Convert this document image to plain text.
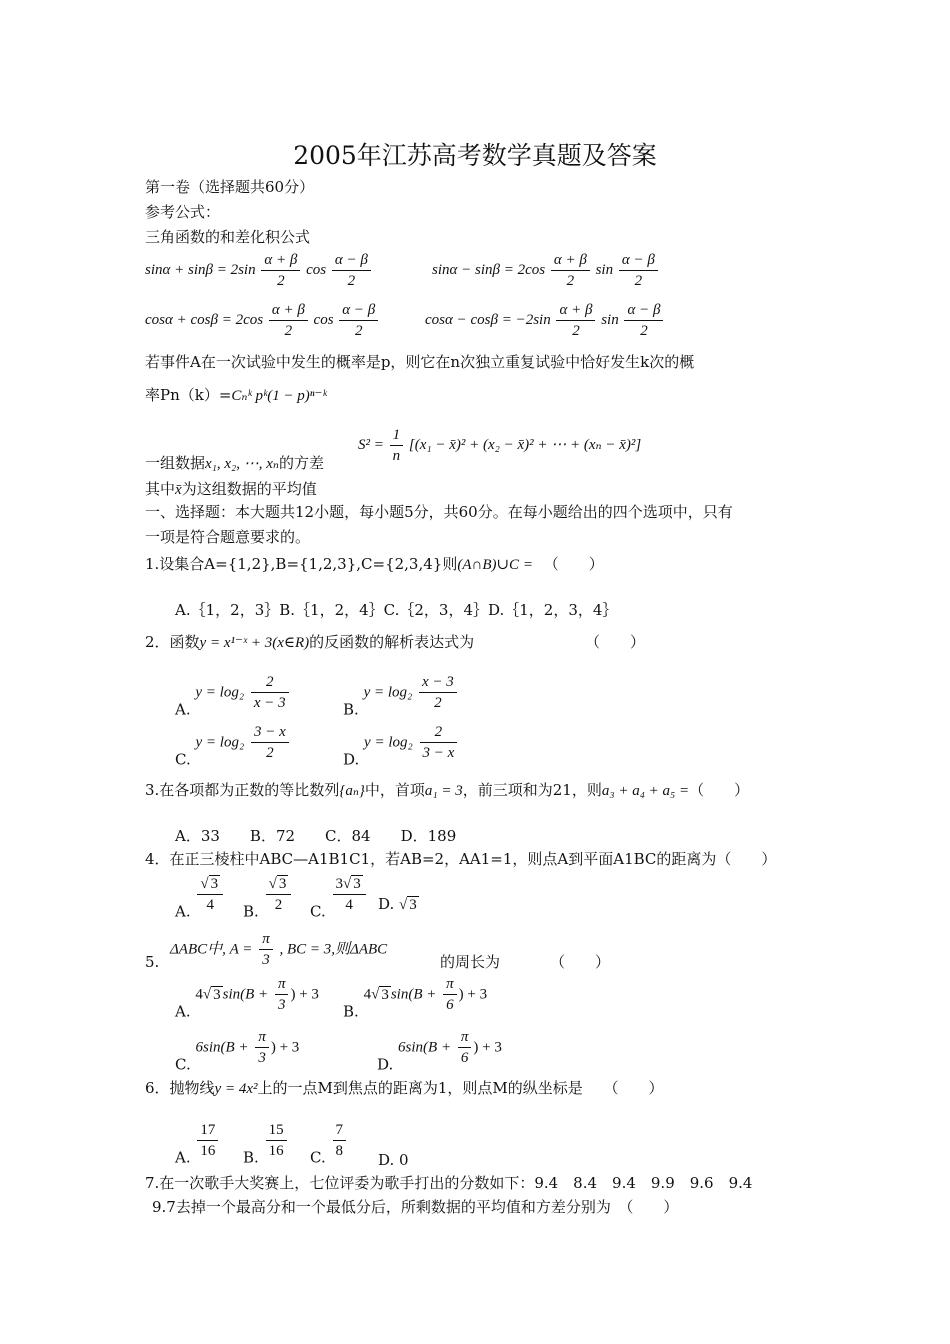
2005年江苏高考数学真题及答案
第一卷（选择题共60分）
参考公式：
三角函数的和差化积公式
$\sin\alpha + \sin\beta = 2\sin \frac{\alpha + \beta}{2}$ $\cos \frac{\alpha - \beta}{2}$	$\sin\alpha - \sin\beta = 2\cos \frac{\alpha + \beta}{2}$ $\sin \frac{\alpha - \beta}{2}$
$\cos\alpha + \cos\beta = 2\cos \frac{\alpha + \beta}{2}$ $\cos \frac{\alpha - \beta}{2}$	$\cos\alpha - \cos\beta = -2\sin \frac{\alpha + \beta}{2}$ $\sin \frac{\alpha - \beta}{2}$
若事件A在一次试验中发生的概率是p，则它在n次独立重复试验中恰好发生k次的概
率Pn（k）=Cₙᵏ pᵏ(1 − p)ⁿ⁻ᵏ
$S^2 = \frac{1}{n} [(x_1$ − x̄)² + (x₂ − x̄)² + ⋯ + (xₙ − x̄)²]
一组数据x₁, x₂, ⋯, xₙ的方差
其中x̄为这组数据的平均值
一、选择题：本大题共12小题，每小题5分，共60分。在每小题给出的四个选项中，只有
一项是符合题意要求的。
1.设集合A={1,2},B={1,2,3},C={2,3,4}则(A∩B)∪C = （　　）
A.｛1，2，3｝B.｛1，2，4｝C.｛2，3，4｝D.｛1，2，3，4｝
2．函数y = x¹⁻ˣ + 3(x∈R)的反函数的解析表达式为	（　　）
A. $y = \log_2 \frac{2}{x - 3}$	B. $y = \log_2 \frac{x - 3}{2}$
C. $y = \log_2 \frac{3 - x}{2}$	D. $y = \log_2 \frac{2}{3 - x}$
3.在各项都为正数的等比数列{aₙ}中，首项a₁ = 3，前三项和为21，则a₃ + a₄ + a₅ =（　　）
A．33　　B．72　　C．84　　D．189
4．在正三棱柱中ABC—A1B1C1，若AB=2，AA1=1，则点A到平面A1BC的距离为（　　）
A. $\frac{√ 3}{4} B$. $\frac{√ 3}{2} C$. $\frac{3√ 3}{4} D$. √ 3
ΔABC中, $A = \frac{\pi}{3}$ , BC = 3,则ΔABC
5.	的周长为	（　　）
A. 4√ 3 $\sin(B + \frac{\pi}{3}$ ) + 3
B. 4√ 3 $\sin(B + \frac{\pi}{6}$ ) + 3
C. $6\sin(B + \frac{\pi}{3}$ ) + 3
D. $6\sin(B + \frac{\pi}{6}$ ) + 3
6．抛物线y = 4x²上的一点M到焦点的距离为1，则点M的纵坐标是 （　　）
A. $\frac{17}{16} B$. $\frac{15}{16} C$. $\frac{7}{8} D$. 0
7.在一次歌手大奖赛上，七位评委为歌手打出的分数如下：9.4　8.4　9.4　9.9　9.6　9.4
9.7去掉一个最高分和一个最低分后，所剩数据的平均值和方差分别为　（　　）
